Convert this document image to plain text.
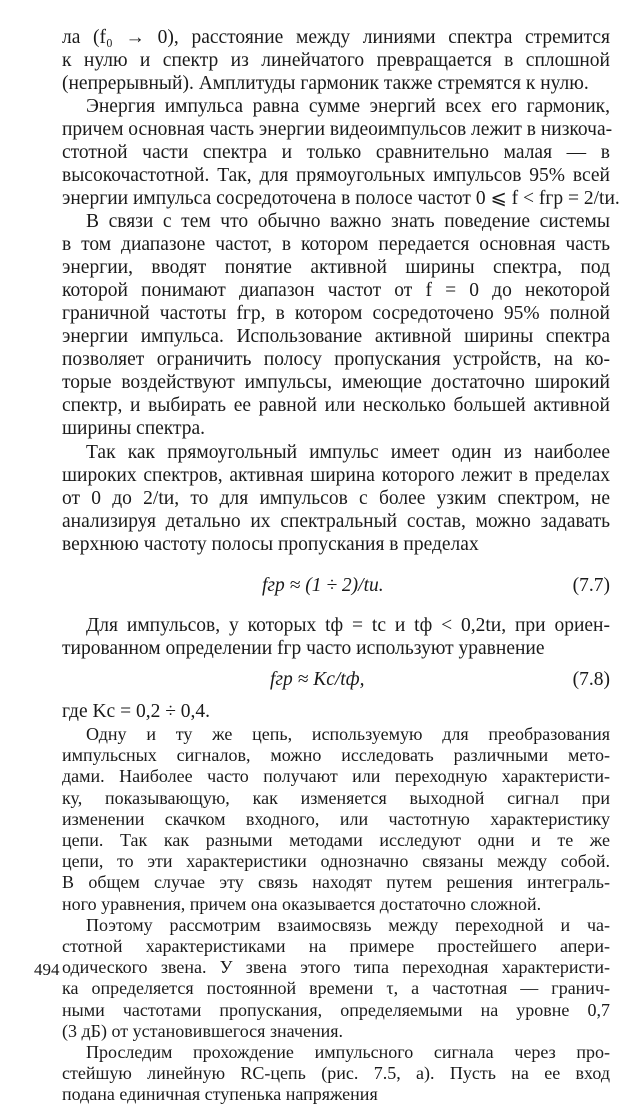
ла (f₀ → 0), расстояние между линиями спектра стремится
к нулю и спектр из линейчатого превращается в сплошной
(непрерывный). Амплитуды гармоник также стремятся к нулю.
Энергия импульса равна сумме энергий всех его гармоник,
причем основная часть энергии видеоимпульсов лежит в низкоча-
стотной части спектра и только сравнительно малая — в
высокочастотной. Так, для прямоугольных импульсов 95% всей
энергии импульса сосредоточена в полосе частот 0 ⩽ f < fгр = 2/tи.
В связи с тем что обычно важно знать поведение системы
в том диапазоне частот, в котором передается основная часть
энергии, вводят понятие активной ширины спектра, под
которой понимают диапазон частот от f = 0 до некоторой
граничной частоты fгр, в котором сосредоточено 95% полной
энергии импульса. Использование активной ширины спектра
позволяет ограничить полосу пропускания устройств, на ко-
торые воздействуют импульсы, имеющие достаточно широкий
спектр, и выбирать ее равной или несколько большей активной
ширины спектра.
Так как прямоугольный импульс имеет один из наиболее
широких спектров, активная ширина которого лежит в пределах
от 0 до 2/tи, то для импульсов с более узким спектром, не
анализируя детально их спектральный состав, можно задавать
верхнюю частоту полосы пропускания в пределах
fгр ≈ (1 ÷ 2)/tи.	(7.7)
Для импульсов, у которых tф = tс и tф < 0,2tи, при ориен-
тированном определении fгр часто используют уравнение
fгр ≈ Kс/tф,	(7.8)
где Kс = 0,2 ÷ 0,4.
Одну и ту же цепь, используемую для преобразования
импульсных сигналов, можно исследовать различными мето-
дами. Наиболее часто получают или переходную характеристи-
ку, показывающую, как изменяется выходной сигнал при
изменении скачком входного, или частотную характеристику
цепи. Так как разными методами исследуют одни и те же
цепи, то эти характеристики однозначно связаны между собой.
В общем случае эту связь находят путем решения интеграль-
ного уравнения, причем она оказывается достаточно сложной.
Поэтому рассмотрим взаимосвязь между переходной и ча-
стотной характеристиками на примере простейшего апери-
одического звена. У звена этого типа переходная характеристи-
ка определяется постоянной времени τ, а частотная — гранич-
ными частотами пропускания, определяемыми на уровне 0,7
(3 дБ) от установившегося значения.
Проследим прохождение импульсного сигнала через про-
стейшую линейную RC-цепь (рис. 7.5, а). Пусть на ее вход
подана единичная ступенька напряжения
494
